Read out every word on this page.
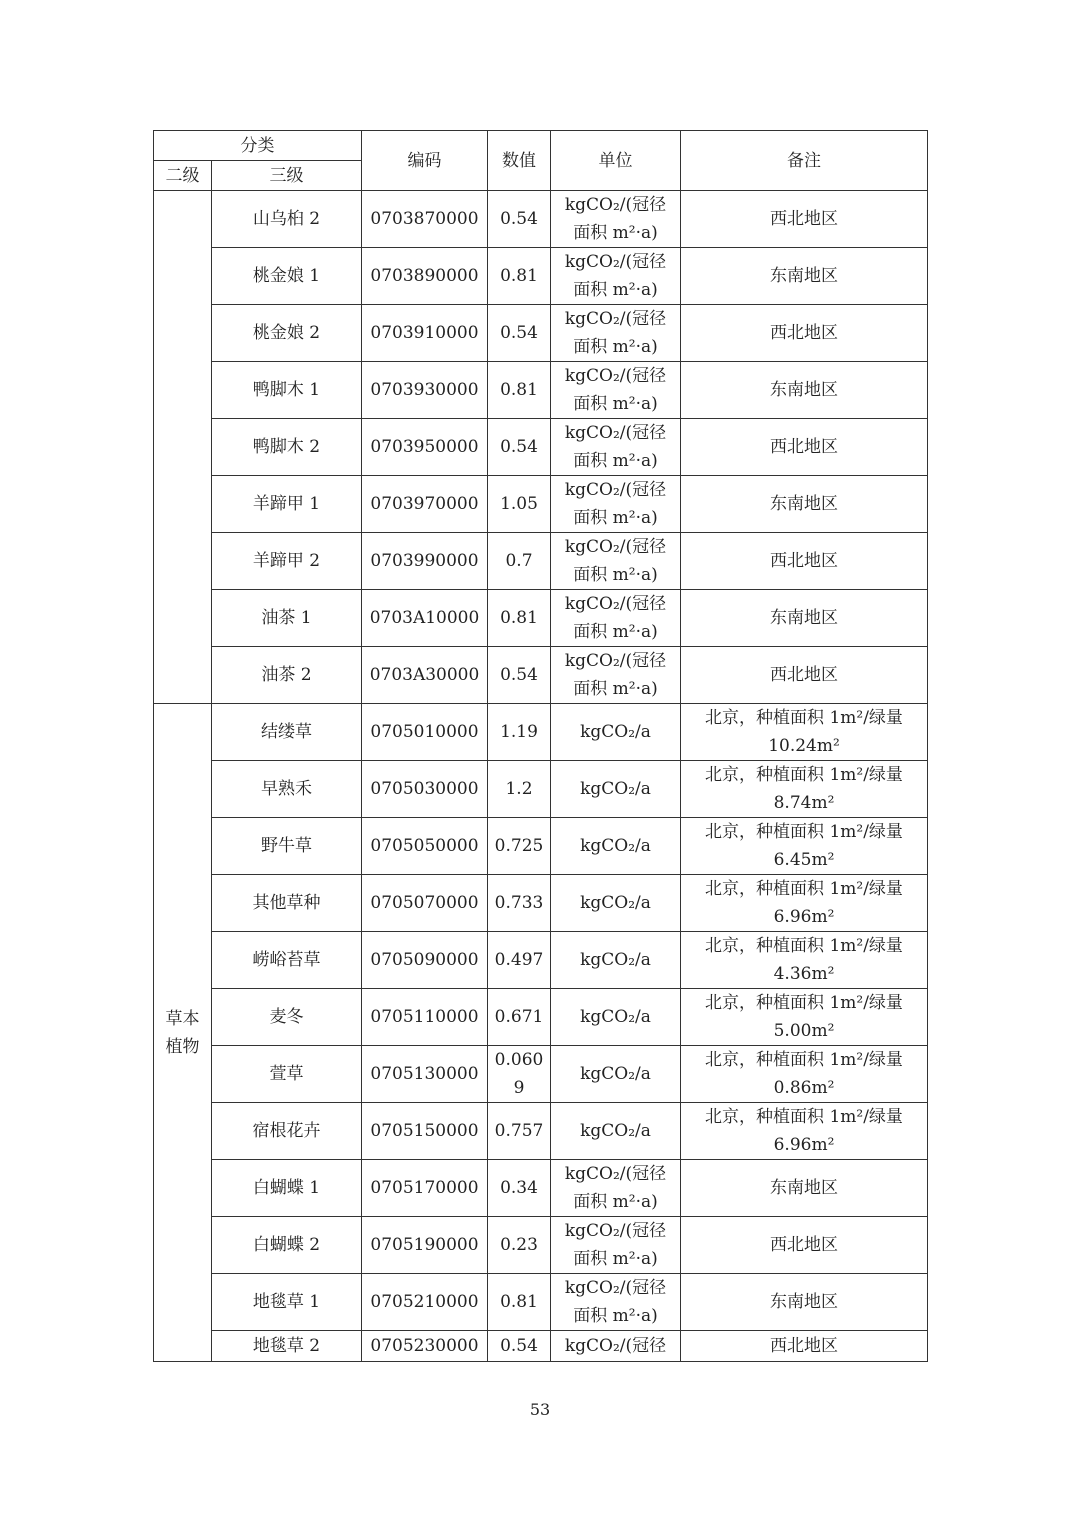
分类		编码	数值	单位	备注
二级	三级				
	山乌桕 2	0703870000	0.54	kgCO₂/(冠径
面积 m²·a)	西北地区
	桃金娘 1	0703890000	0.81	kgCO₂/(冠径
面积 m²·a)	东南地区
	桃金娘 2	0703910000	0.54	kgCO₂/(冠径
面积 m²·a)	西北地区
	鸭脚木 1	0703930000	0.81	kgCO₂/(冠径
面积 m²·a)	东南地区
	鸭脚木 2	0703950000	0.54	kgCO₂/(冠径
面积 m²·a)	西北地区
	羊蹄甲 1	0703970000	1.05	kgCO₂/(冠径
面积 m²·a)	东南地区
	羊蹄甲 2	0703990000	0.7	kgCO₂/(冠径
面积 m²·a)	西北地区
	油茶 1	0703A10000	0.81	kgCO₂/(冠径
面积 m²·a)	东南地区
	油茶 2	0703A30000	0.54	kgCO₂/(冠径
面积 m²·a)	西北地区
草本植物	结缕草	0705010000	1.19	kgCO₂/a	北京，种植面积 1m²/绿量
10.24m²

	早熟禾	0705030000	1.2	kgCO₂/a	北京，种植面积 1m²/绿量
8.74m²

	野牛草	0705050000	0.725	kgCO₂/a	北京，种植面积 1m²/绿量
6.45m²

	其他草种	0705070000	0.733	kgCO₂/a	北京，种植面积 1m²/绿量
6.96m²

	崂峪苔草	0705090000	0.497	kgCO₂/a	北京，种植面积 1m²/绿量
4.36m²

	麦冬	0705110000	0.671	kgCO₂/a	北京，种植面积 1m²/绿量
5.00m²

	萱草	0705130000	0.060
9	kgCO₂/a	北京，种植面积 1m²/绿量
0.86m²

	宿根花卉	0705150000	0.757	kgCO₂/a	北京，种植面积 1m²/绿量
6.96m²

	白蝴蝶 1	0705170000	0.34	kgCO₂/(冠径
面积 m²·a)	东南地区
	白蝴蝶 2	0705190000	0.23	kgCO₂/(冠径
面积 m²·a)	西北地区
	地毯草 1	0705210000	0.81	kgCO₂/(冠径
面积 m²·a)	东南地区
	地毯草 2	0705230000	0.54	kgCO₂/(冠径	西北地区
53
